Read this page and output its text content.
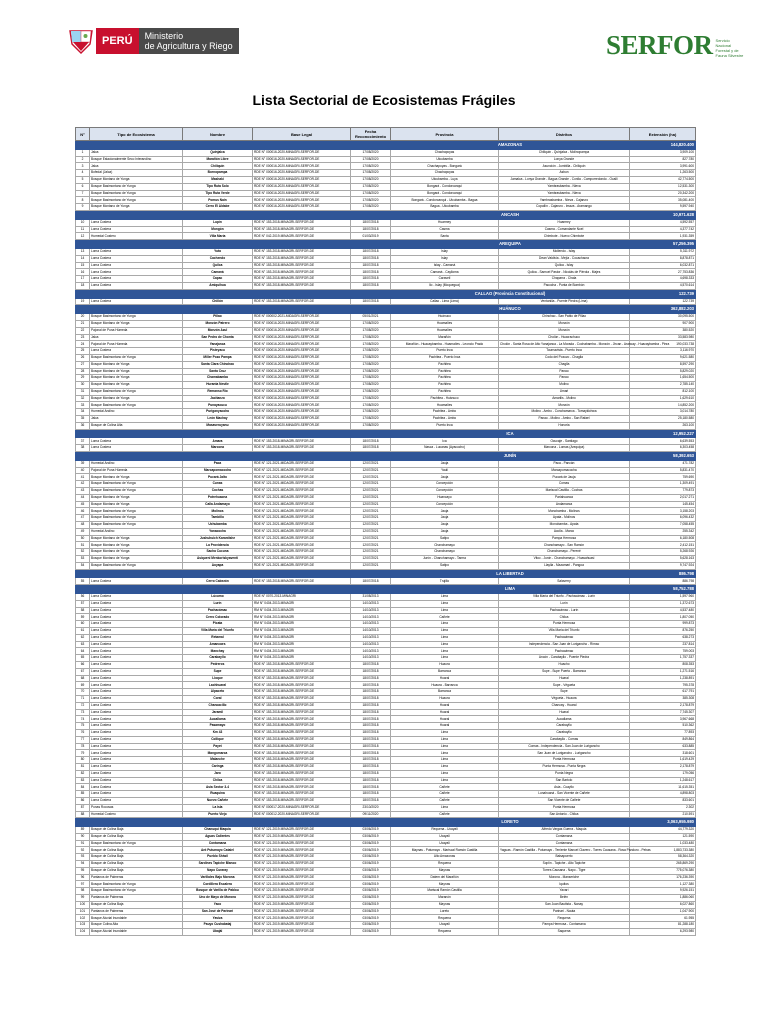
PERÚ	Ministerio
de Agricultura y Riego	SERFOR Servicio Nacional Forestal y de Fauna Silvestre
Lista Sectorial de Ecosistemas Frágiles
N°	Tipo de Ecosistema	Nombre	Base Legal	Fecha Reconocimiento	Provincia	Distritos	Extensión (ha)
					AMAZONAS		144,820.400
1	Jalca	Quinjalca	RDE N° 000016-2020-MINAGRI-SERFOR-DE	17/08/2020	Chachapoyas	Chiliquin - Quinjalca - Molinopampa	3,909.100
2	Bosque Estacionalmente Seco Interandino	Marañón Libre	RDE N° 000016-2020-MINAGRI-SERFOR-DE	17/08/2020	Utcubamba	Lonya Grande	827.780
3	Jalca	Chiliquin	RDE N° 000016-2020-MINAGRI-SERFOR-DE	17/08/2020	Chachapoyas - Bongará	Asunción - Jumbilla - Chiliquin	3,991.600
4	Bofedal (Jalca)	Bornopampa	RDE N° 000016-2020-MINAGRI-SERFOR-DE	17/08/2020	Chachapoyas	Asbun	1,263.500
5	Bosque Montano de Yunga	Mashaki	RDE N° 000016-2020-MINAGRI-SERFOR-DE	17/08/2020	Utcubamba - Luya	Jamalca - Lonya Grande - Bagua Grande - Conila - Camporredondo - Ocalli	42,774.500
6	Bosque Basimontano de Yunga	Tipo Ruta Solo	RDE N° 000016-2020-MINAGRI-SERFOR-DE	17/08/2020	Bongará - Condorcanqui	Yambrasbamba - Nieva	12,531.300
7	Bosque Basimontano de Yunga	Tipo Ruta Verde	RDE N° 000016-2020-MINAGRI-SERFOR-DE	17/08/2020	Bongará - Condorcanqui	Yambrasbamba - Nieva	20,342.200
8	Bosque Basimontano de Yunga	Pomus Nain	RDE N° 000016-2020-MINAGRI-SERFOR-DE	17/08/2020	Bongará - Condorcanqui - Utcubamba - Bagua	Yambrasbamba - Nieva - Cajaruro	35,081.400
9	Bosque Montano de Yunga	Cerro El Aldabe	RDE N° 000016-2020-MINAGRI-SERFOR-DE	17/08/2020	Bagua - Utcubamba	Copallín - Cajaruro - Imaza - Aramango	9,597.940
					ANCASH		10,971.628
10	Loma Costera	Lupín	RDE N° 153-2018-MINAGRI-SERFOR-DE	18/07/2018	Huarmey	Huarmey	4,592.557
11	Loma Costera	Mongón	RDE N° 153-2018-MINAGRI-SERFOR-DE	18/07/2018	Casma	Casma - Comandante Noel	4,377.742
12	Humedal Costero	Villa María	RDE N° 042-2019-MINAGRI-SERFOR-DE	01/03/2019	Santa	Chimbote - Nuevo Chimbote	1,931.359
					AREQUIPA		57,256.395
13	Loma Costera	Yuta	RDE N° 153-2018-MINAGRI-SERFOR-DE	18/07/2018	Islay	Mollendo - Islay	5,311.972
14	Loma Costera	Cachendo	RDE N° 153-2018-MINAGRI-SERFOR-DE	18/07/2018	Islay	Dean Valdivia - Mejía - Cocachacra	8,878.871
15	Loma Costera	Quilca	RDE N° 153-2018-MINAGRI-SERFOR-DE	18/07/2018	Islay - Camaná	Quilca - Islay	6,032.871
16	Loma Costera	Camaná	RDE N° 153-2018-MINAGRI-SERFOR-DE	18/07/2018	Camaná - Caylloma	Quilca - Samuel Pastor - Nicolás de Piérola - Majes	27,753.836
17	Loma Costera	Capac	RDE N° 153-2018-MINAGRI-SERFOR-DE	18/07/2018	Caravelí	Chaparra - Chala	4,698.333
18	Loma Costera	Amiquihua	RDE N° 153-2018-MINAGRI-SERFOR-DE	18/07/2018	Ilo - Islay (Moquegua)	Pacocha - Punta de Bombón	4,570.614
					CALLAO (Provincia Constitucional)		122.739
19	Loma Costera	Chillón	RDE N° 153-2018-MINAGRI-SERFOR-DE	18/07/2018	Callao - Lima (Lima)	Ventanilla - Puente Piedra (Lima)	122.739
					HUÁNUCO		362,882.203
20	Bosque Basimontano de Yunga	Pillao	RDE N° 000002-2021-MIDAGRI-SERFOR-DE	05/01/2021	Huánuco	Chinchao - San Pablo de Pillao	30,095.500
21	Bosque Montano de Yunga	Monzón Patrero	RDE N° 000016-2020-MINAGRI-SERFOR-DE	17/08/2020	Huamalíes	Monzón	907.900
22	Pajonal de Puna Húmeda	Monzón Azul	RDE N° 000016-2020-MINAGRI-SERFOR-DE	17/08/2020	Huamalíes	Monzón	380.520
23	Jalca	San Pedro de Chonta	RDE N° 000016-2020-MINAGRI-SERFOR-DE	17/08/2020	Marañón	Cholón - Huacrachuco	33,583.980
24	Pajonal de Puna Húmeda	Yanajanca	RDE N° 000016-2020-MINAGRI-SERFOR-DE	17/08/2020	Marañón - Huacaybamba - Huamalíes - Leoncio Prado	Cholón - Santa Rosa de Alto Yanajanca - La Morada - Cochabamba - Monzón - Jircan - Arancay - Huacaybamba - Pinra	190,033.738
25	Loma Costera	Pisteyacu	RDE N° 000016-2020-MINAGRI-SERFOR-DE	17/08/2020	Puerto Inca	Tournavista - Puerto Inca	3,116.970
26	Bosque Basimontano de Yunga	Miller Pozo Pampa	RDE N° 000016-2020-MINAGRI-SERFOR-DE	17/08/2020	Pachitea - Puerto Inca	Codo del Pozuzo - Chaglla	9,621.580
27	Bosque Montano de Yunga	Santa Clara Chinchao	RDE N° 000016-2020-MINAGRI-SERFOR-DE	17/08/2020	Pachitea	Chaglla	8,597.290
28	Bosque Montano de Yunga	Santa Cruz	RDE N° 000016-2020-MINAGRI-SERFOR-DE	17/08/2020	Pachitea	Panao	5,829.020
29	Bosque Montano de Yunga	Chamabamba	RDE N° 000016-2020-MINAGRI-SERFOR-DE	17/08/2020	Pachitea	Panao	1,654.500
30	Bosque Montano de Yunga	Huranta Nestle	RDE N° 000016-2020-MINAGRI-SERFOR-DE	17/08/2020	Pachitea	Molino	2,785.140
31	Bosque Basimontano de Yunga	Remanso Río	RDE N° 000016-2020-MINAGRI-SERFOR-DE	17/08/2020	Pachitea	Umari	812.100
32	Bosque Montano de Yunga	Jacitanzo	RDE N° 000016-2020-MINAGRI-SERFOR-DE	17/08/2020	Pachitea - Huánuco	Amarilis - Molino	1,629.610
33	Bosque Basimontano de Yunga	Punayacucu	RDE N° 000016-2020-MINAGRI-SERFOR-DE	17/08/2020	Huamalíes	Monzón	14,852.200
34	Humedal Andino	Puriganyacoha	RDE N° 000016-2020-MINAGRI-SERFOR-DE	17/08/2020	Pachitea - Ambo	Molino - Ambo - Conchamarca - Tomaykichwa	3,014.780
35	Jalca	León Machay	RDE N° 000016-2020-MINAGRI-SERFOR-DE	17/08/2020	Pachitea - Ambo	Panao - Molino - Ambo - San Rafael	25,180.580
36	Bosque de Colina Alta	Masaveruyanu	RDE N° 000016-2020-MINAGRI-SERFOR-DE	17/08/2020	Puerto Inca	Honoria	263.100
					ICA		12,952.227
37	Loma Costera	Amara	RDE N° 153-2018-MINAGRI-SERFOR-DE	18/07/2018	Ica	Ocucaje - Santiago	6,639.553
38	Loma Costera	Marcona	RDE N° 153-2018-MINAGRI-SERFOR-DE	18/07/2018	Nasca - Lucanas (Ayacucho)	Marcona - Lomas (Arequipa)	6,303.458
					JUNÍN		58,392.653
39	Humedal Andino	Paca	RDE N° 121-2021-MIDAGRI-SERFOR-DE	12/07/2021	Jauja	Paca - Pancán	471.782
40	Pajonal de Puna Húmeda	Marcapomacocha	RDE N° 121-2021-MIDAGRI-SERFOR-DE	12/07/2021	Yauli	Marcapomacocha	5,831.470
41	Bosque Montano de Yunga	Pucará Jalto	RDE N° 121-2021-MIDAGRI-SERFOR-DE	12/07/2021	Jauja	Pucará de Jauja	759.690
42	Bosque Basimontano de Yunga	Cunas	RDE N° 121-2021-MIDAGRI-SERFOR-DE	12/07/2021	Concepción	Comas	1,309.491
43	Bosque Basimontano de Yunga	Cochas	RDE N° 121-2021-MIDAGRI-SERFOR-DE	12/07/2021	Concepción	Mariscal Castilla - Cochas	779.873
44	Bosque Montano de Yunga	Potrehuacna	RDE N° 121-2021-MIDAGRI-SERFOR-DE	12/07/2021	Huancayo	Pariahuanca	2,017.271
45	Bosque Montano de Yunga	Calla Andamayo	RDE N° 121-2021-MIDAGRI-SERFOR-DE	12/07/2021	Concepción	Andamarca	145.454
46	Bosque Basimontano de Yunga	Molinos	RDE N° 121-2021-MIDAGRI-SERFOR-DE	12/07/2021	Jauja	Monobamba - Molinos	3,158.203
47	Bosque Basimontano de Yunga	Tambillo	RDE N° 121-2021-MIDAGRI-SERFOR-DE	12/07/2021	Jauja	Apata - Molinos	6,096.432
48	Bosque Basimontano de Yunga	Uchubamba	RDE N° 121-2021-MIDAGRI-SERFOR-DE	12/07/2021	Jauja	Monobamba - Apata	7,058.455
49	Humedal Andino	Yanacocha	RDE N° 121-2021-MIDAGRI-SERFOR-DE	12/07/2021	Jauja	Acolla - Marco	255.342
50	Bosque Montano de Yunga	Jushuhuich Karantishe	RDE N° 121-2021-MIDAGRI-SERFOR-DE	12/07/2021	Satipo	Pampa Hermosa	6,180.508
51	Bosque Montano de Yunga	La Providencia	RDE N° 121-2021-MIDAGRI-SERFOR-DE	12/07/2021	Chanchamayo	Chanchamayo - San Ramón	2,412.151
52	Bosque Montano de Yunga	Sacha Cucuna	RDE N° 121-2021-MIDAGRI-SERFOR-DE	12/07/2021	Chanchamayo	Chanchamayo - Perené	5,268.926
53	Bosque Montano de Yunga	Asiqueni Menkoriskyaventi	RDE N° 121-2021-MIDAGRI-SERFOR-DE	12/07/2021	Junín - Chanchamayo - Tarma	Vitoc - Junín - Chanchamayo - Huasahuasi	5,628.163
54	Bosque Basimontano de Yunga	Aoyapa	RDE N° 121-2021-MIDAGRI-SERFOR-DE	12/07/2021	Satipo	Llaylla - Mazamari - Pangoa	9,747.924
					LA LIBERTAD		886.798
55	Loma Costera	Cerro Cabezón	RDE N° 153-2018-MINAGRI-SERFOR-DE	18/07/2018	Trujillo	Salaverry	886.798
					LIMA		58,752.788
56	Loma Costera	Lúcumo	RDE N° 0070-2013-MINAGRI	31/08/2013	Lima	Villa María del Triunfo - Pachacámac - Lurín	1,597.960
57	Loma Costera	Lurín	RM N° 0404-2013-MINAGRI	14/10/2013	Lima	Lurín	1,372.673
58	Loma Costera	Pachacámac	RM N° 0404-2013-MINAGRI	14/10/2013	Lima	Pachacámac - Lurín	4,537.480
59	Loma Costera	Cerro Colorado	RM N° 0404-2013-MINAGRI	14/10/2013	Cañete	Chilca	1,807.050
60	Loma Costera	Picata	RM N° 0404-2013-MINAGRI	14/10/2013	Lima	Punta Hermosa	999.873
61	Loma Costera	Villa María del Triunfo	RM N° 0404-2013-MINAGRI	14/10/2013	Lima	Villa María del Triunfo	876.250
62	Loma Costera	Retamal	RM N° 0404-2013-MINAGRI	14/10/2013	Lima	Pachacámac	638.273
63	Loma Costera	Amancaes	RM N° 0404-2013-MINAGRI	14/10/2013	Lima	Independencia - San Juan de Lurigancho - Rímac	237.814
64	Loma Costera	Manchay	RM N° 0404-2013-MINAGRI	14/10/2013	Lima	Pachacámac	759.003
65	Loma Costera	Carabayllo	RM N° 0404-2013-MINAGRI	14/10/2013	Lima	Ancón - Carabayllo - Puente Piedra	1,757.337
66	Loma Costera	Pedreros	RDE N° 153-2018-MINAGRI-SERFOR-DE	18/07/2018	Huaura	Huacho	808.353
67	Loma Costera	Supe	RDE N° 153-2018-MINAGRI-SERFOR-DE	18/07/2018	Barranca	Supe - Supe Puerto - Barranca	1,271.516
68	Loma Costera	Lloque	RDE N° 153-2018-MINAGRI-SERFOR-DE	18/07/2018	Huaral	Huaral	1,238.891
69	Loma Costera	Lachhuaral	RDE N° 153-2018-MINAGRI-SERFOR-DE	18/07/2018	Huaura - Barranca	Supe - Végueta	795.378
70	Loma Costera	Alpaceto	RDE N° 153-2018-MINAGRI-SERFOR-DE	18/07/2018	Barranca	Supe	617.791
71	Loma Costera	Coral	RDE N° 153-2018-MINAGRI-SERFOR-DE	18/07/2018	Huaura	Végueta - Huaura	385.308
72	Loma Costera	Chancacillo	RDE N° 153-2018-MINAGRI-SERFOR-DE	18/07/2018	Huaral	Chancay - Huaral	2,178.879
73	Loma Costera	Jaramil	RDE N° 153-2018-MINAGRI-SERFOR-DE	18/07/2018	Huaral	Huaral	7,745.307
74	Loma Costera	Aucallama	RDE N° 153-2018-MINAGRI-SERFOR-DE	18/07/2018	Huaral	Aucallama	3,967.668
75	Loma Costera	Pasamayo	RDE N° 153-2018-MINAGRI-SERFOR-DE	18/07/2018	Huaral	Carabayllo	510.362
76	Loma Costera	Km 43	RDE N° 153-2018-MINAGRI-SERFOR-DE	18/07/2018	Lima	Carabayllo	77.893
77	Loma Costera	Collique	RDE N° 153-2018-MINAGRI-SERFOR-DE	18/07/2018	Lima	Carabayllo - Comas	849.864
78	Loma Costera	Payet	RDE N° 153-2018-MINAGRI-SERFOR-DE	18/07/2018	Lima	Comas - Independencia - San Juan de Lurigancho	633.885
79	Loma Costera	Mangomarca	RDE N° 153-2018-MINAGRI-SERFOR-DE	18/07/2018	Lima	San Juan de Lurigancho - Lurigancho	318.601
80	Loma Costera	Malanche	RDE N° 153-2018-MINAGRI-SERFOR-DE	18/07/2018	Lima	Punta Hermosa	1,619.429
81	Loma Costera	Caringa	RDE N° 153-2018-MINAGRI-SERFOR-DE	18/07/2018	Lima	Punta Hermosa - Punta Negra	2,178.879
82	Loma Costera	Jaro	RDE N° 153-2018-MINAGRI-SERFOR-DE	18/07/2018	Lima	Punta Negra	179.056
83	Loma Costera	Chilca	RDE N° 153-2018-MINAGRI-SERFOR-DE	18/07/2018	Lima	San Bartolo	1,248.617
84	Loma Costera	Asia Sector 3-4	RDE N° 153-2018-MINAGRI-SERFOR-DE	18/07/2018	Cañete	Asia - Coayllo	11,615.351
85	Loma Costera	Ruaquina	RDE N° 153-2018-MINAGRI-SERFOR-DE	18/07/2018	Cañete	Lunahuaná - San Vicente de Cañete	4,898.803
86	Loma Costera	Nuevo Cañete	RDE N° 153-2018-MINAGRI-SERFOR-DE	18/07/2018	Cañete	San Vicente de Cañete	833.601
87	Punas Rocosas	La Isla	RDE N° 000017-2020-MINAGRI-SERFOR-DE	23/10/2020	Lima	Punta Hermosa	2.302
88	Humedal Costero	Puerto Viejo	RDE N° 000012-2020-MINAGRI-SERFOR-DE	09/11/2020	Cañete	San Antonio - Chilca	210.591
					LORETO		3,063,955.980
89	Bosque de Colina Baja	Chanuqui Maquia	RDE N° 121-2019-MINAGRI-SERFOR-DE	03/06/2019	Requena - Ucayali	Alfredo Vargas Guerra - Maquia	44,779.320
90	Bosque de Colina Baja	Aguas Calientes	RDE N° 121-2019-MINAGRI-SERFOR-DE	03/06/2019	Ucayali	Contamana	121.590
91	Bosque Basimontano de Yunga	Contamana	RDE N° 121-2019-MINAGRI-SERFOR-DE	03/06/2019	Ucayali	Contamana	1,033.480
92	Bosque de Colina Baja	Ant Putumayo Catalel	RDE N° 121-2019-MINAGRI-SERFOR-DE	03/06/2019	Maynas - Putumayo - Mariscal Ramón Castilla	Yaguas - Ramón Castilla - Putumayo - Teniente Manuel Clavero - Torres Causana - Rosa Panduro - Pebas	1,883,733.380
93	Bosque de Colina Baja	Pueblo Shiwil	RDE N° 121-2019-MINAGRI-SERFOR-DE	03/06/2019	Alto Amazonas	Balsapuerto	58,364.320
94	Bosque de Colina Baja	Sardines Tapiche Blanco	RDE N° 121-2019-MINAGRI-SERFOR-DE	03/06/2019	Requena	Soplín - Tapiche - Alto Tapiche	265,869.290
95	Bosque de Colina Baja	Napo Curaray	RDE N° 121-2019-MINAGRI-SERFOR-DE	03/06/2019	Maynas	Torres Causana - Napo - Tigre	775,076.380
96	Pantanos de Palmeras	Varillales Bajo Morona	RDE N° 121-2019-MINAGRI-SERFOR-DE	03/06/2019	Datem del Marañón	Morona - Manseriche	176,236.390
97	Bosque Basimontano de Yunga	Cordillera Escalera	RDE N° 121-2019-MINAGRI-SERFOR-DE	03/06/2019	Maynas	Iquitos	1,127.380
98	Bosque Basimontano de Yunga	Bosque de Varilla de Pablou	RDE N° 121-2019-MINAGRI-SERFOR-DE	03/06/2019	Mariscal Ramón Castilla	Yavarí	9,926.151
99	Pantanos de Palmeras	Uno de Mayo de Morona	RDE N° 121-2019-MINAGRI-SERFOR-DE	03/06/2019	Maranón	Belén	1,886.060
100	Bosque de Colina Baja	Yaco	RDE N° 121-2019-MINAGRI-SERFOR-DE	03/06/2019	Maynas	San Juan Bautista - Nanay	6,027.860
101	Pantanos de Palmeras	San José de Parinari	RDE N° 121-2019-MINAGRI-SERFOR-DE	03/06/2019	Loreto	Parinari - Nauta	1,047.900
102	Bosque Aluvial Inundable	Yaviza	RDE N° 121-2019-MINAGRI-SERFOR-DE	03/06/2019	Requena	Requena	61.955
103	Bosque Colina Alta	Pauyo Cushabataj	RDE N° 121-2019-MINAGRI-SERFOR-DE	03/06/2019	Ucayali	Pampa Hermosa - Contamana	81,288.180
104	Bosque Aluvial Inundable	Ubajál	RDE N° 121-2019-MINAGRI-SERFOR-DE	03/06/2019	Requena	Saquena	6,293.980
